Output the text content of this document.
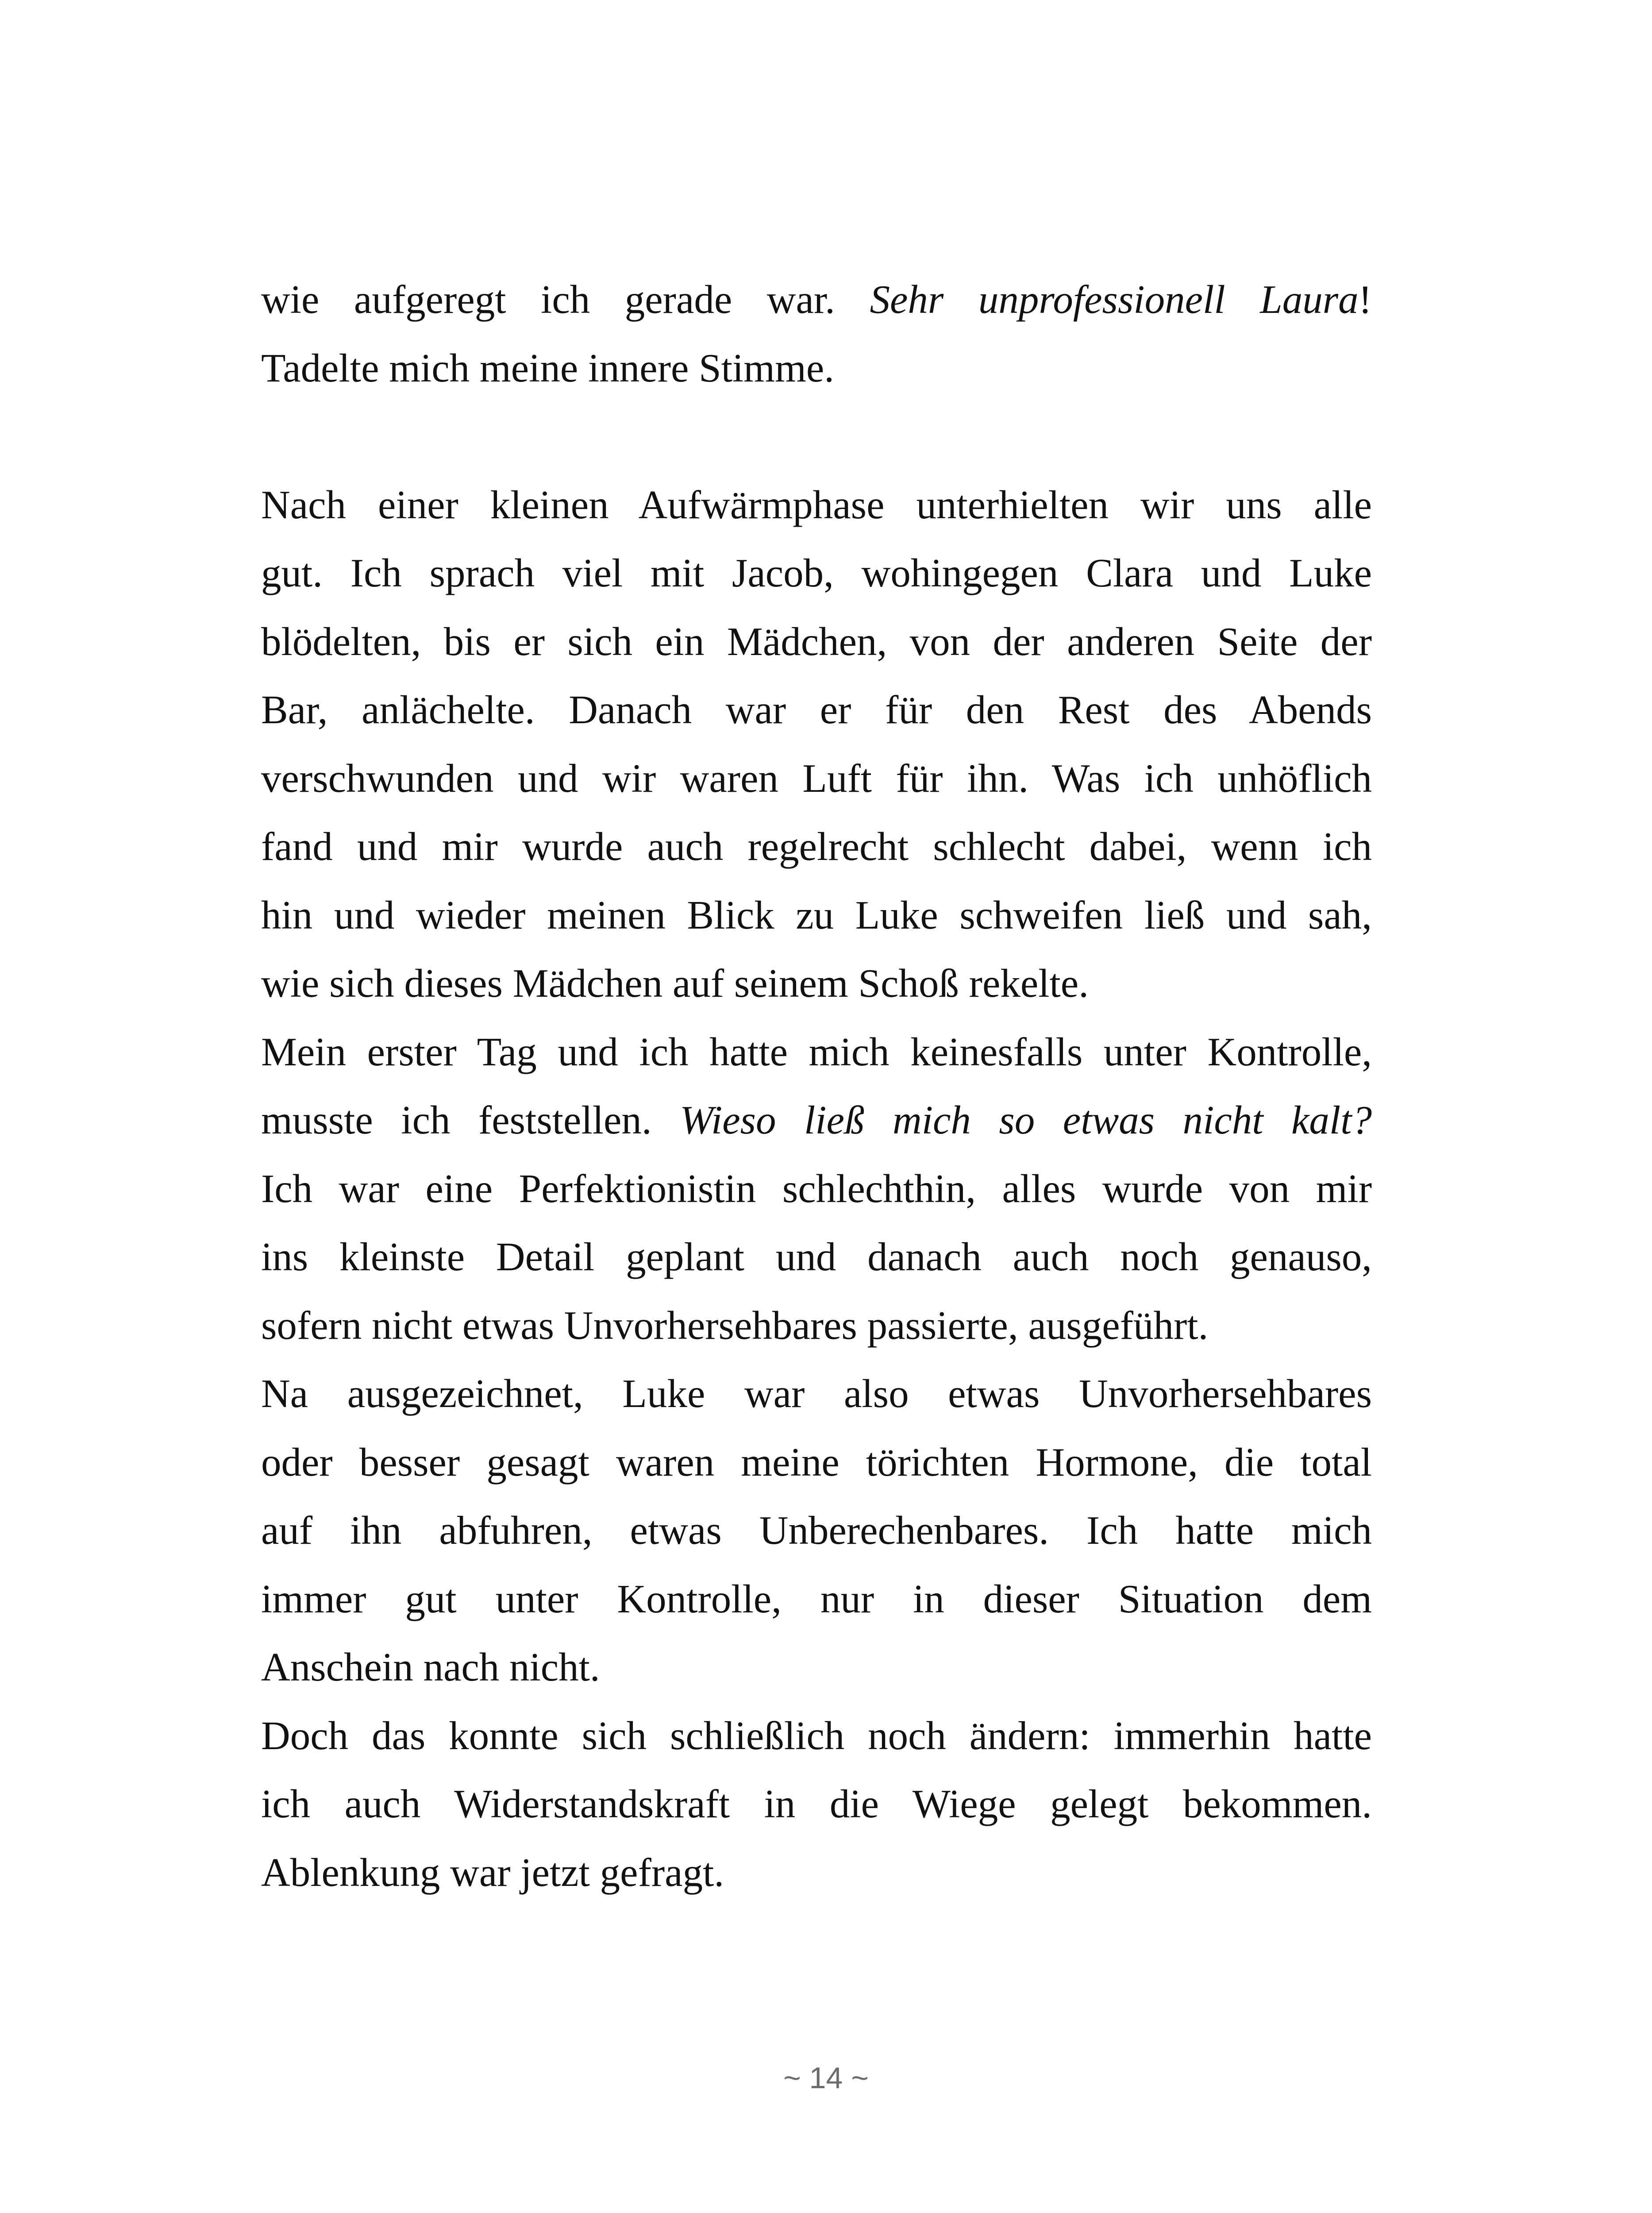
wie aufgeregt ich gerade war. Sehr unprofessionell Laura!
Tadelte mich meine innere Stimme.

Nach einer kleinen Aufwärmphase unterhielten wir uns alle
gut. Ich sprach viel mit Jacob, wohingegen Clara und Luke
blödelten, bis er sich ein Mädchen, von der anderen Seite der
Bar, anlächelte. Danach war er für den Rest des Abends
verschwunden und wir waren Luft für ihn. Was ich unhöflich
fand und mir wurde auch regelrecht schlecht dabei, wenn ich
hin und wieder meinen Blick zu Luke schweifen ließ und sah,
wie sich dieses Mädchen auf seinem Schoß rekelte.
Mein erster Tag und ich hatte mich keinesfalls unter Kontrolle,
musste ich feststellen. Wieso ließ mich so etwas nicht kalt?
Ich war eine Perfektionistin schlechthin, alles wurde von mir
ins kleinste Detail geplant und danach auch noch genauso,
sofern nicht etwas Unvorhersehbares passierte, ausgeführt.
Na ausgezeichnet, Luke war also etwas Unvorhersehbares
oder besser gesagt waren meine törichten Hormone, die total
auf ihn abfuhren, etwas Unberechenbares. Ich hatte mich
immer gut unter Kontrolle, nur in dieser Situation dem
Anschein nach nicht.
Doch das konnte sich schließlich noch ändern: immerhin hatte
ich auch Widerstandskraft in die Wiege gelegt bekommen.
Ablenkung war jetzt gefragt.

~ 14 ~
